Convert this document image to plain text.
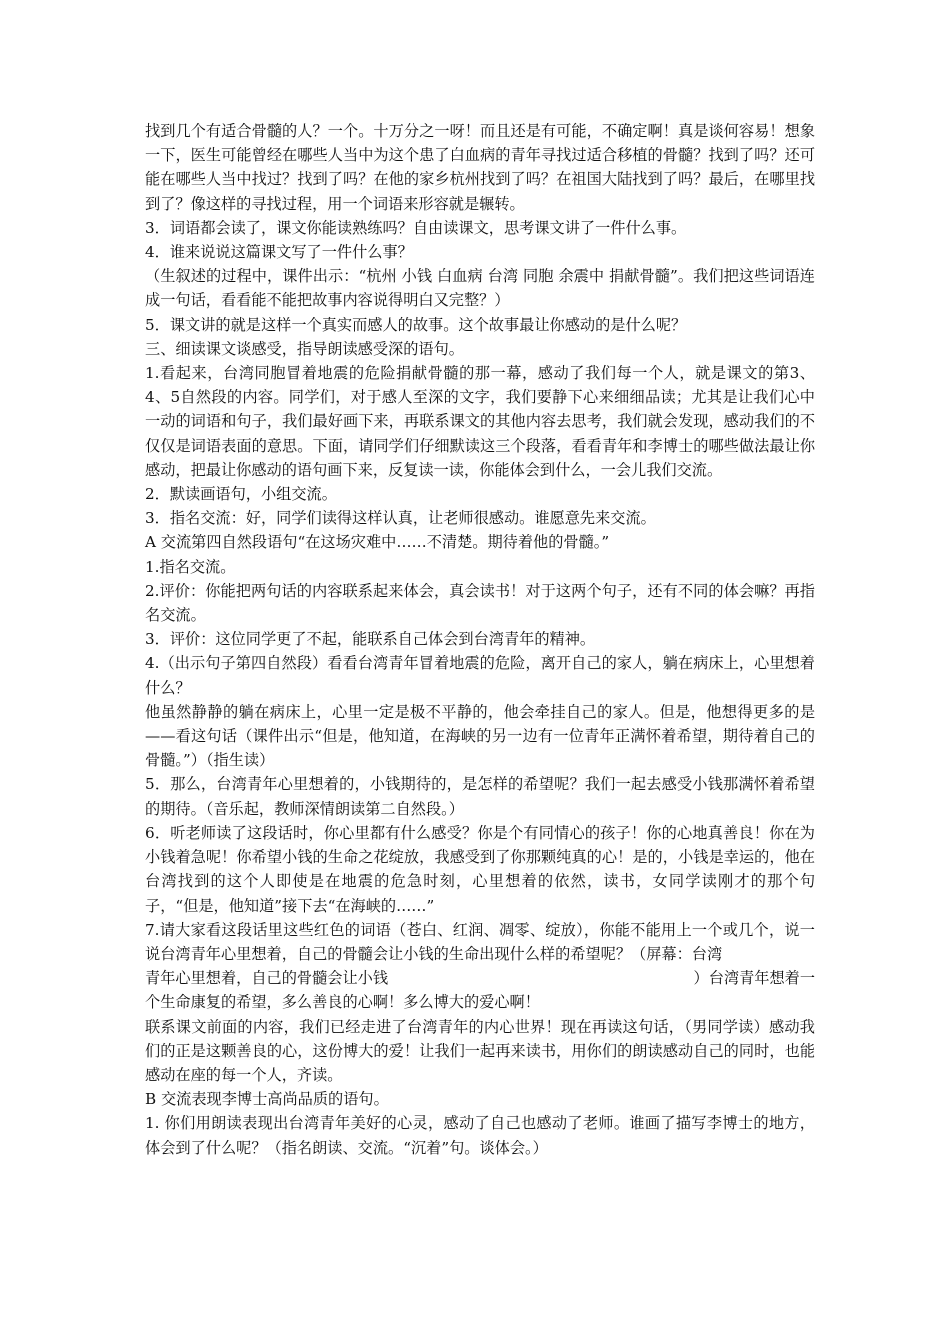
找到几个有适合骨髓的人？一个。十万分之一呀！而且还是有可能，不确定啊！真是谈何容易！想象一下，医生可能曾经在哪些人当中为这个患了白血病的青年寻找过适合移植的骨髓？找到了吗？还可能在哪些人当中找过？找到了吗？在他的家乡杭州找到了吗？在祖国大陆找到了吗？最后，在哪里找到了？像这样的寻找过程，用一个词语来形容就是辗转。

3．词语都会读了，课文你能读熟练吗？自由读课文，思考课文讲了一件什么事。

4．谁来说说这篇课文写了一件什么事？

（生叙述的过程中，课件出示：“杭州 小钱 白血病 台湾 同胞 余震中 捐献骨髓”。我们把这些词语连成一句话，看看能不能把故事内容说得明白又完整？）

5．课文讲的就是这样一个真实而感人的故事。这个故事最让你感动的是什么呢？

三、细读课文谈感受，指导朗读感受深的语句。

1.看起来，台湾同胞冒着地震的危险捐献骨髓的那一幕，感动了我们每一个人，就是课文的第3、4、5自然段的内容。同学们，对于感人至深的文字，我们要静下心来细细品读；尤其是让我们心中一动的词语和句子，我们最好画下来，再联系课文的其他内容去思考，我们就会发现，感动我们的不仅仅是词语表面的意思。下面，请同学们仔细默读这三个段落，看看青年和李博士的哪些做法最让你感动，把最让你感动的语句画下来，反复读一读，你能体会到什么，一会儿我们交流。

2．默读画语句，小组交流。

3．指名交流：好，同学们读得这样认真，让老师很感动。谁愿意先来交流。

A 交流第四自然段语句“在这场灾难中……不清楚。期待着他的骨髓。”

1.指名交流。

2.评价：你能把两句话的内容联系起来体会，真会读书！对于这两个句子，还有不同的体会嘛？再指名交流。

3．评价：这位同学更了不起，能联系自己体会到台湾青年的精神。

4.（出示句子第四自然段）看看台湾青年冒着地震的危险，离开自己的家人，躺在病床上，心里想着什么？

他虽然静静的躺在病床上，心里一定是极不平静的，他会牵挂自己的家人。但是，他想得更多的是——看这句话（课件出示“但是，他知道，在海峡的另一边有一位青年正满怀着希望，期待着自己的骨髓。”）（指生读）

5．那么，台湾青年心里想着的，小钱期待的，是怎样的希望呢？我们一起去感受小钱那满怀着希望的期待。（音乐起，教师深情朗读第二自然段。）

6．听老师读了这段话时，你心里都有什么感受？你是个有同情心的孩子！你的心地真善良！你在为小钱着急呢！你希望小钱的生命之花绽放，我感受到了你那颗纯真的心！是的，小钱是幸运的，他在台湾找到的这个人即使是在地震的危急时刻，心里想着的依然，读书，女同学读刚才的那个句子，“但是，他知道”接下去“在海峡的……”

7.请大家看这段话里这些红色的词语（苍白、红润、凋零、绽放），你能不能用上一个或几个，说一说台湾青年心里想着，自己的骨髓会让小钱的生命出现什么样的希望呢？（屏幕：台湾

青年心里想着，自己的骨髓会让小钱	）台湾青年想着一

个生命康复的希望，多么善良的心啊！多么博大的爱心啊！

联系课文前面的内容，我们已经走进了台湾青年的内心世界！现在再读这句话，（男同学读）感动我们的正是这颗善良的心，这份博大的爱！让我们一起再来读书，用你们的朗读感动自己的同时，也能感动在座的每一个人，齐读。

B 交流表现李博士高尚品质的语句。

1. 你们用朗读表现出台湾青年美好的心灵，感动了自己也感动了老师。谁画了描写李博士的地方，体会到了什么呢？（指名朗读、交流。“沉着”句。谈体会。）
